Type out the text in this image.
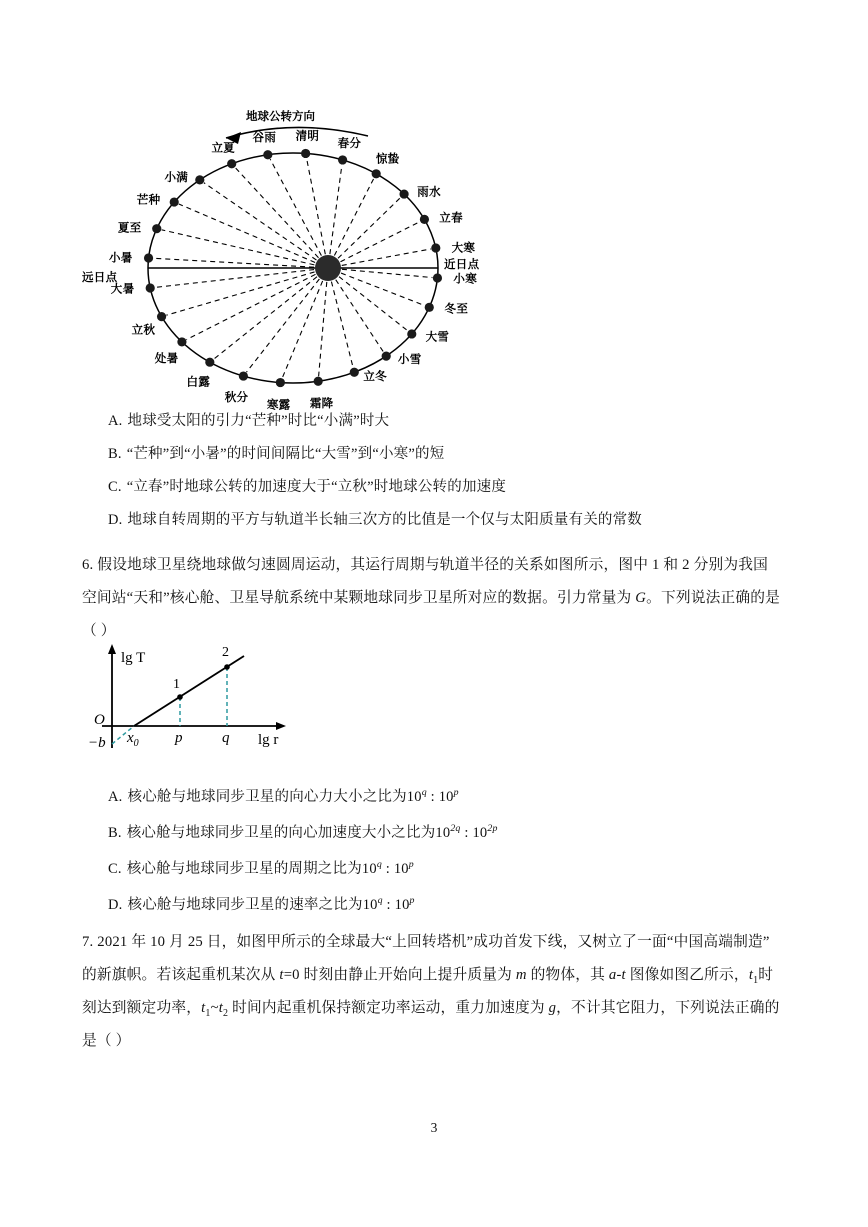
地球公转方向
春分
惊蛰
雨水
立春
大寒
小寒
冬至
大雪
小雪
立冬
霜降
寒露
秋分
白露
处暑
立秋
大暑
小暑
夏至
芒种
小满
立夏
谷雨 清明
远日点
近日点
A. 地球受太阳的引力“芒种”时比“小满”时大
B. “芒种”到“小暑”的时间间隔比“大雪”到“小寒”的短
C. “立春”时地球公转的加速度大于“立秋”时地球公转的加速度
D. 地球自转周期的平方与轨道半长轴三次方的比值是一个仅与太阳质量有关的常数
6. 假设地球卫星绕地球做匀速圆周运动，其运行周期与轨道半径的关系如图所示，图中 1 和 2 分别为我国
空间站“天和”核心舱、卫星导航系统中某颗地球同步卫星所对应的数据。引力常量为 G。下列说法正确的是
（ ）
lg T
lg r
O
−b $x_0$ p	q
1
2
A. 核心舱与地球同步卫星的向心力大小之比为10$^q$ : 10$^p$
B. 核心舱与地球同步卫星的向心加速度大小之比为$10^{2q}$ : $10^{2p}$
C. 核心舱与地球同步卫星的周期之比为10$^q$ : 10$^p$
D. 核心舱与地球同步卫星的速率之比为10$^q$ : 10$^p$
7. 2021 年 10 月 25 日，如图甲所示的全球最大“上回转塔机”成功首发下线，又树立了一面“中国高端制造”
的新旗帜。若该起重机某次从 t=0 时刻由静止开始向上提升质量为 m 的物体，其 a-t 图像如图乙所示，$t_1$时
刻达到额定功率，$t_1\sim t_2$ 时间内起重机保持额定功率运动，重力加速度为 g，不计其它阻力，下列说法正确的
是（ ）
3
